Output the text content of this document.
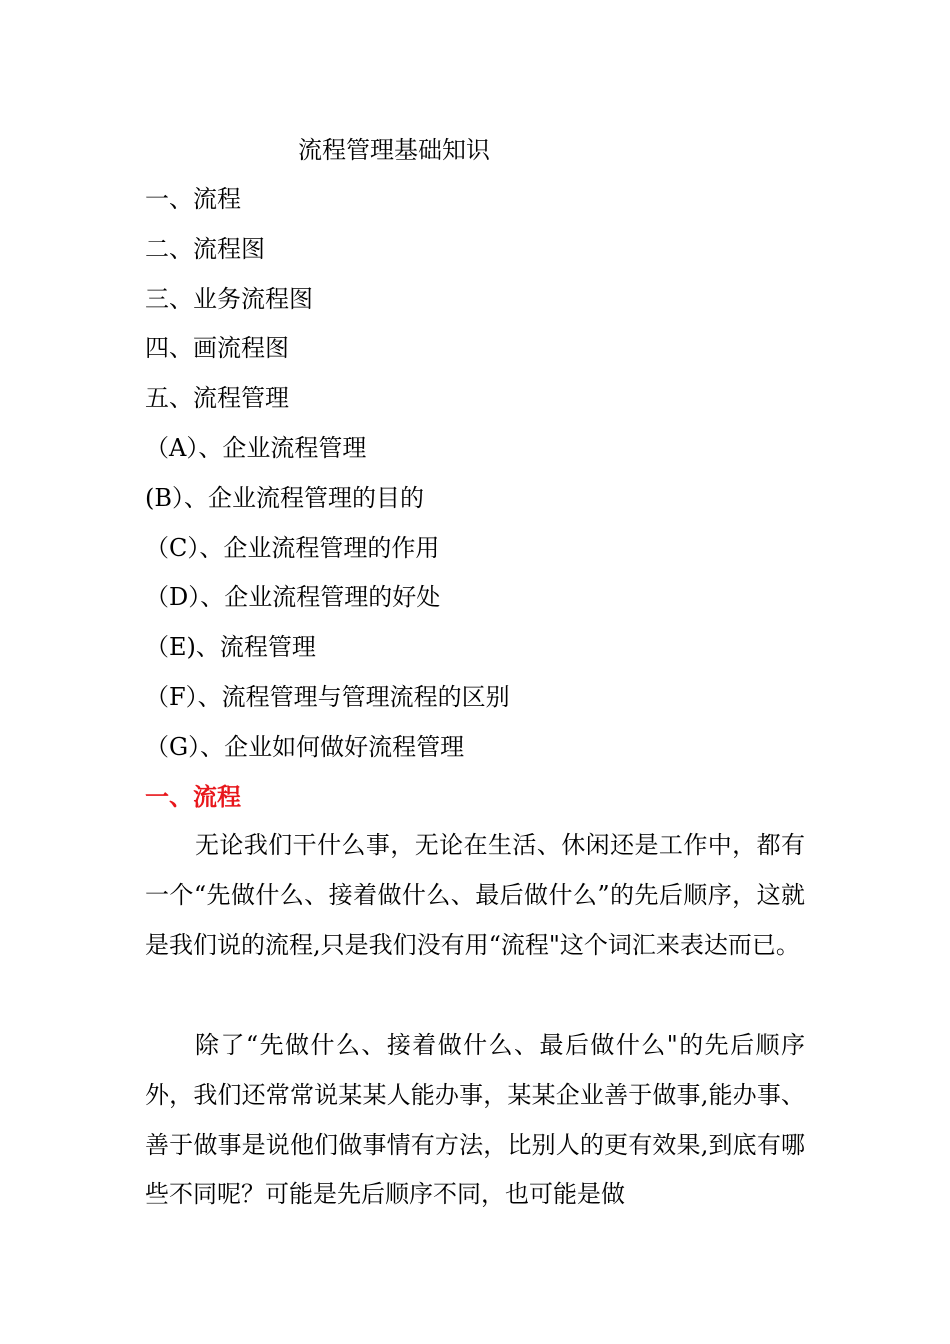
流程管理基础知识
一、流程
二、流程图
三、业务流程图
四、画流程图
五、流程管理
（A）、企业流程管理
(B）、企业流程管理的目的
（C）、企业流程管理的作用
（D）、企业流程管理的好处
（E)、流程管理
（F）、流程管理与管理流程的区别
（G）、企业如何做好流程管理
一、流程

无论我们干什么事，无论在生活、休闲还是工作中，都有一个“先做什么、接着做什么、最后做什么”的先后顺序，这就是我们说的流程,只是我们没有用“流程"这个词汇来表达而已。

除了“先做什么、接着做什么、最后做什么"的先后顺序外，我们还常常说某某人能办事，某某企业善于做事,能办事、善于做事是说他们做事情有方法，比别人的更有效果,到底有哪些不同呢？可能是先后顺序不同，也可能是做
